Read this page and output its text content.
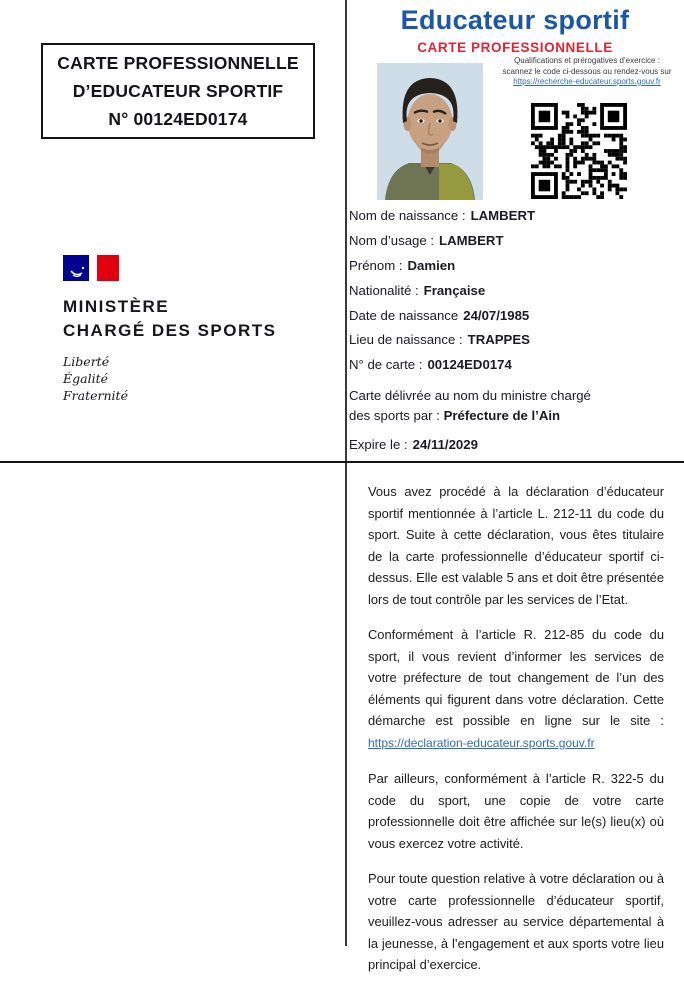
CARTE PROFESSIONNELLE
D’EDUCATEUR SPORTIF
N° 00124ED0174
MINISTÈRE
CHARGÉ DES SPORTS
Liberté
Égalité
Fraternité
Educateur sportif
CARTE PROFESSIONNELLE
Qualifications et prérogatives d’exercice :
scannez le code ci-dessous ou rendez-vous sur
https://recherche-educateur.sports.gouv.fr
Nom de naissance : LAMBERT
Nom d’usage : LAMBERT
Prénom : Damien
Nationalité : Française
Date de naissance 24/07/1985
Lieu de naissance : TRAPPES
N° de carte : 00124ED0174
Carte délivrée au nom du ministre chargé
des sports par : Préfecture de l’Ain
Expire le : 24/11/2029

Vous avez procédé à la déclaration d’éducateur sportif mentionnée à l’article L. 212-11 du code du sport. Suite à cette déclaration, vous êtes titulaire de la carte professionnelle d’éducateur sportif ci-dessus. Elle est valable 5 ans et doit être présentée lors de tout contrôle par les services de l’Etat.

Conformément à l’article R. 212-85 du code du sport, il vous revient d’informer les services de votre préfecture de tout changement de l’un des éléments qui figurent dans votre déclaration. Cette démarche est possible en ligne sur le site : https://declaration-educateur.sports.gouv.fr

Par ailleurs, conformément à l’article R. 322-5 du code du sport, une copie de votre carte professionnelle doit être affichée sur le(s) lieu(x) où vous exercez votre activité.

Pour toute question relative à votre déclaration ou à votre carte professionnelle d’éducateur sportif, veuillez-vous adresser au service départemental à la jeunesse, à l’engagement et aux sports votre lieu principal d’exercice.
